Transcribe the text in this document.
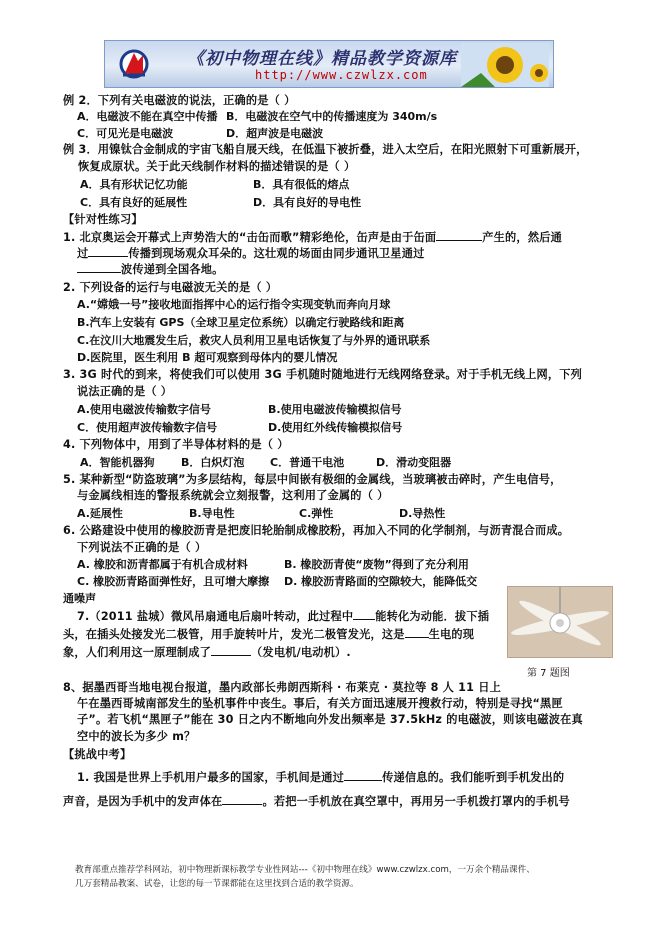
《初中物理在线》精品教学资源库
http://www.czwlzx.com
例 2．下列有关电磁波的说法，正确的是（ ）
A．电磁波不能在真空中传播 B．电磁波在空气中的传播速度为 340m/s
C．可见光是电磁波	D．超声波是电磁波
例 3．用镍钛合金制成的宇宙飞船自展天线，在低温下被折叠，进入太空后，在阳光照射下可重新展开，
恢复成原状。关于此天线制作材料的描述错误的是（ ）
A．具有形状记忆功能	B．具有很低的熔点
C．具有良好的延展性	D．具有良好的导电性
【针对性练习】
1. 北京奥运会开幕式上声势浩大的“击缶而歌”精彩绝伦，缶声是由于缶面	产生的，然后通
过	传播到现场观众耳朵的。这壮观的场面由同步通讯卫星通过
波传递到全国各地。
2. 下列设备的运行与电磁波无关的是（ ）
A.“嫦娥一号”接收地面指挥中心的运行指令实现变轨而奔向月球
B.汽车上安装有 GPS（全球卫星定位系统）以确定行驶路线和距离
C.在汶川大地震发生后，救灾人员利用卫星电话恢复了与外界的通讯联系
D.医院里，医生利用 B 超可观察到母体内的婴儿情况
3. 3G 时代的到来，将使我们可以使用 3G 手机随时随地进行无线网络登录。对于手机无线上网，下列
说法正确的是（ ）
A.使用电磁波传输数字信号	B.使用电磁波传输模拟信号
C．使用超声波传输数字信号	D.使用红外线传输模拟信号
4. 下列物体中，用到了半导体材料的是（ ）
A．智能机器狗 B．白炽灯泡 C．普通干电池	D．滑动变阻器
5. 某种新型“防盗玻璃”为多层结构，每层中间嵌有极细的金属线，当玻璃被击碎时，产生电信号，
与金属线相连的警报系统就会立刻报警，这利用了金属的（ ）
A.延展性	B.导电性	C.弹性	D.导热性
6. 公路建设中使用的橡胶沥青是把废旧轮胎制成橡胶粉，再加入不同的化学制剂，与沥青混合而成。
下列说法不正确的是（ ）
A. 橡胶和沥青都属于有机合成材料	B. 橡胶沥青使“废物”得到了充分利用
C. 橡胶沥青路面弹性好，且可增大摩擦 D. 橡胶沥青路面的空隙较大，能降低交
通噪声
7.（2011 盐城）微风吊扇通电后扇叶转动，此过程中 能转化为动能．拔下插
头，在插头处接发光二极管，用手旋转叶片，发光二极管发光，这是 生电的现
象，人们利用这一原理制成了	（发电机/电动机）.
第 7 题图
8、据墨西哥当地电视台报道，墨内政部长弗朗西斯科 · 布莱克 · 莫拉等 8 人 11 日上
午在墨西哥城南部发生的坠机事件中丧生。事后，有关方面迅速展开搜救行动，特别是寻找“黑匣
子”。若飞机“黑匣子”能在 30 日之内不断地向外发出频率是 37.5kHz 的电磁波，则该电磁波在真
空中的波长为多少 m？
【挑战中考】
1. 我国是世界上手机用户最多的国家，手机间是通过	传递信息的。我们能听到手机发出的
声音，是因为手机中的发声体在	。若把一手机放在真空罩中，再用另一手机拨打罩内的手机号
教育部重点推荐学科网站，初中物理新课标教学专业性网站---《初中物理在线》www.czwlzx.com，一万余个精品课件、
几万套精品教案、试卷，让您的每一节课都能在这里找到合适的教学资源。
